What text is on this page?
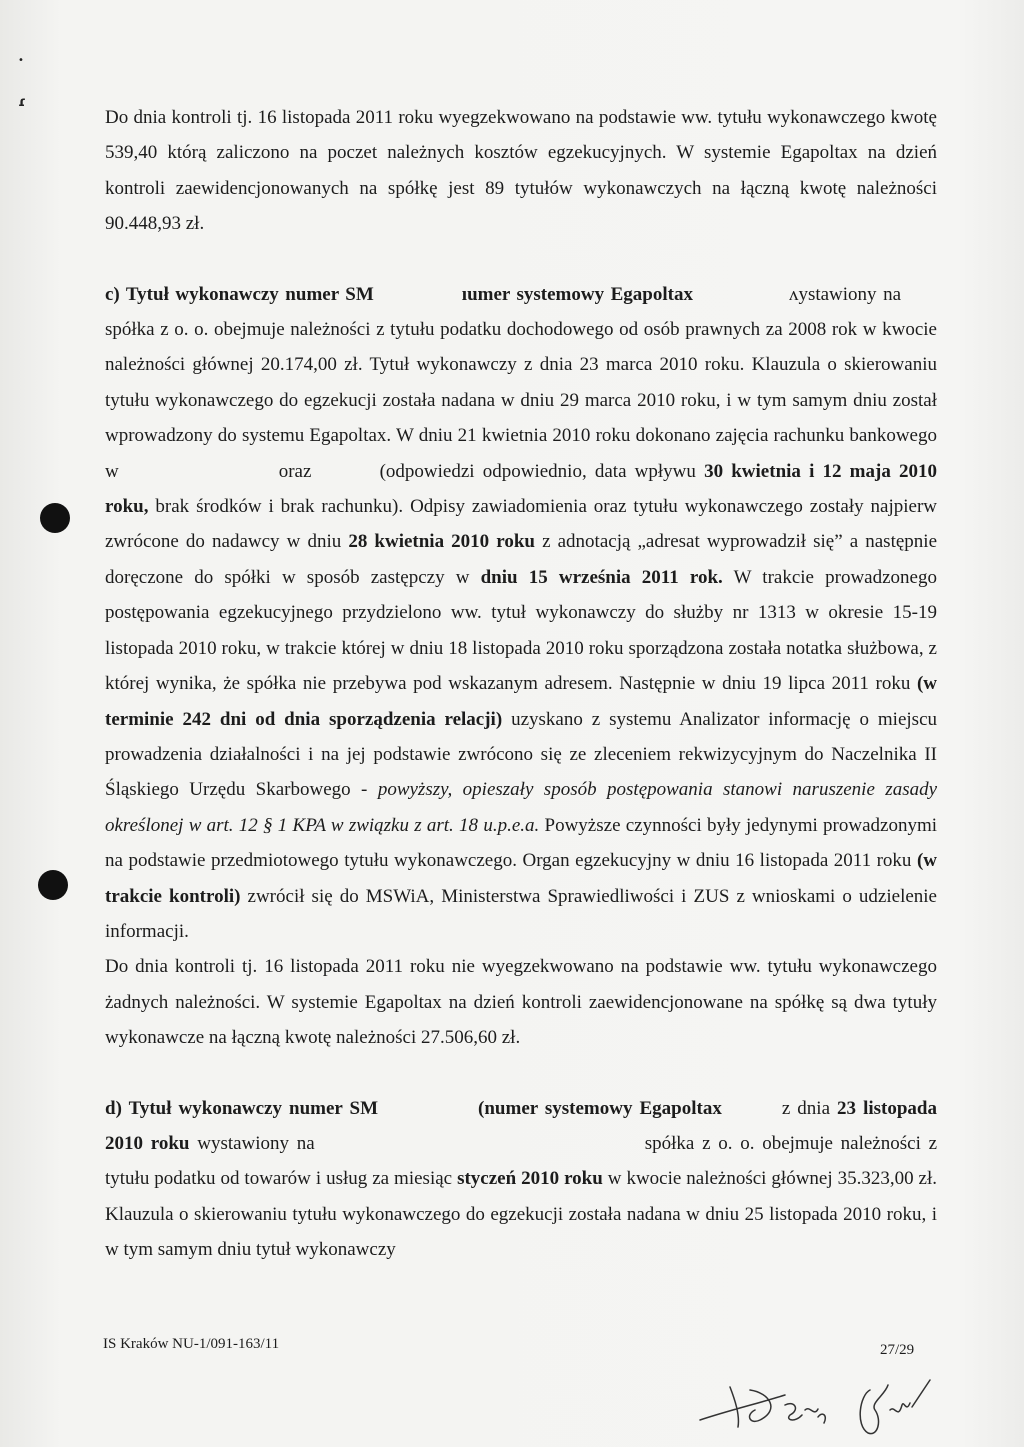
•
ɾ

Do dnia kontroli tj. 16 listopada 2011 roku wyegzekwowano na podstawie ww. tytułu wykonawczego kwotę 539,40 którą zaliczono na poczet należnych kosztów egzekucyjnych. W systemie Egapoltax na dzień kontroli zaewidencjonowanych na spółkę jest 89 tytułów wykonawczych na łączną kwotę należności 90.448,93 zł.

c) Tytuł wykonawczy numer SM	ıumer systemowy Egapoltax	ʌystawiony na spółka z o. o. obejmuje należności z tytułu podatku dochodowego od osób prawnych za 2008 rok w kwocie należności głównej 20.174,00 zł. Tytuł wykonawczy z dnia 23 marca 2010 roku. Klauzula o skierowaniu tytułu wykonawczego do egzekucji została nadana w dniu 29 marca 2010 roku, i w tym samym dniu został wprowadzony do systemu Egapoltax. W dniu 21 kwietnia 2010 roku dokonano zajęcia rachunku bankowego w	oraz	(odpowiedzi odpowiednio, data wpływu 30 kwietnia i 12 maja 2010 roku, brak środków i brak rachunku). Odpisy zawiadomienia oraz tytułu wykonawczego zostały najpierw zwrócone do nadawcy w dniu 28 kwietnia 2010 roku z adnotacją „adresat wyprowadził się” a następnie doręczone do spółki w sposób zastępczy w dniu 15 września 2011 rok. W trakcie prowadzonego postępowania egzekucyjnego przydzielono ww. tytuł wykonawczy do służby nr 1313 w okresie 15-19 listopada 2010 roku, w trakcie której w dniu 18 listopada 2010 roku sporządzona została notatka służbowa, z której wynika, że spółka nie przebywa pod wskazanym adresem. Następnie w dniu 19 lipca 2011 roku (w terminie 242 dni od dnia sporządzenia relacji) uzyskano z systemu Analizator informację o miejscu prowadzenia działalności i na jej podstawie zwrócono się ze zleceniem rekwizycyjnym do Naczelnika II Śląskiego Urzędu Skarbowego - powyższy, opieszały sposób postępowania stanowi naruszenie zasady określonej w art. 12 § 1 KPA w związku z art. 18 u.p.e.a. Powyższe czynności były jedynymi prowadzonymi na podstawie przedmiotowego tytułu wykonawczego. Organ egzekucyjny w dniu 16 listopada 2011 roku (w trakcie kontroli) zwrócił się do MSWiA, Ministerstwa Sprawiedliwości i ZUS z wnioskami o udzielenie informacji.

Do dnia kontroli tj. 16 listopada 2011 roku nie wyegzekwowano na podstawie ww. tytułu wykonawczego żadnych należności. W systemie Egapoltax na dzień kontroli zaewidencjonowane na spółkę są dwa tytuły wykonawcze na łączną kwotę należności 27.506,60 zł.

d) Tytuł wykonawczy numer SM	(numer systemowy Egapoltax	z dnia 23 listopada 2010 roku wystawiony na	spółka z o. o. obejmuje należności z tytułu podatku od towarów i usług za miesiąc styczeń 2010 roku w kwocie należności głównej 35.323,00 zł. Klauzula o skierowaniu tytułu wykonawczego do egzekucji została nadana w dniu 25 listopada 2010 roku, i w tym samym dniu tytuł wykonawczy

IS Kraków NU-1/091-163/11	27/29
